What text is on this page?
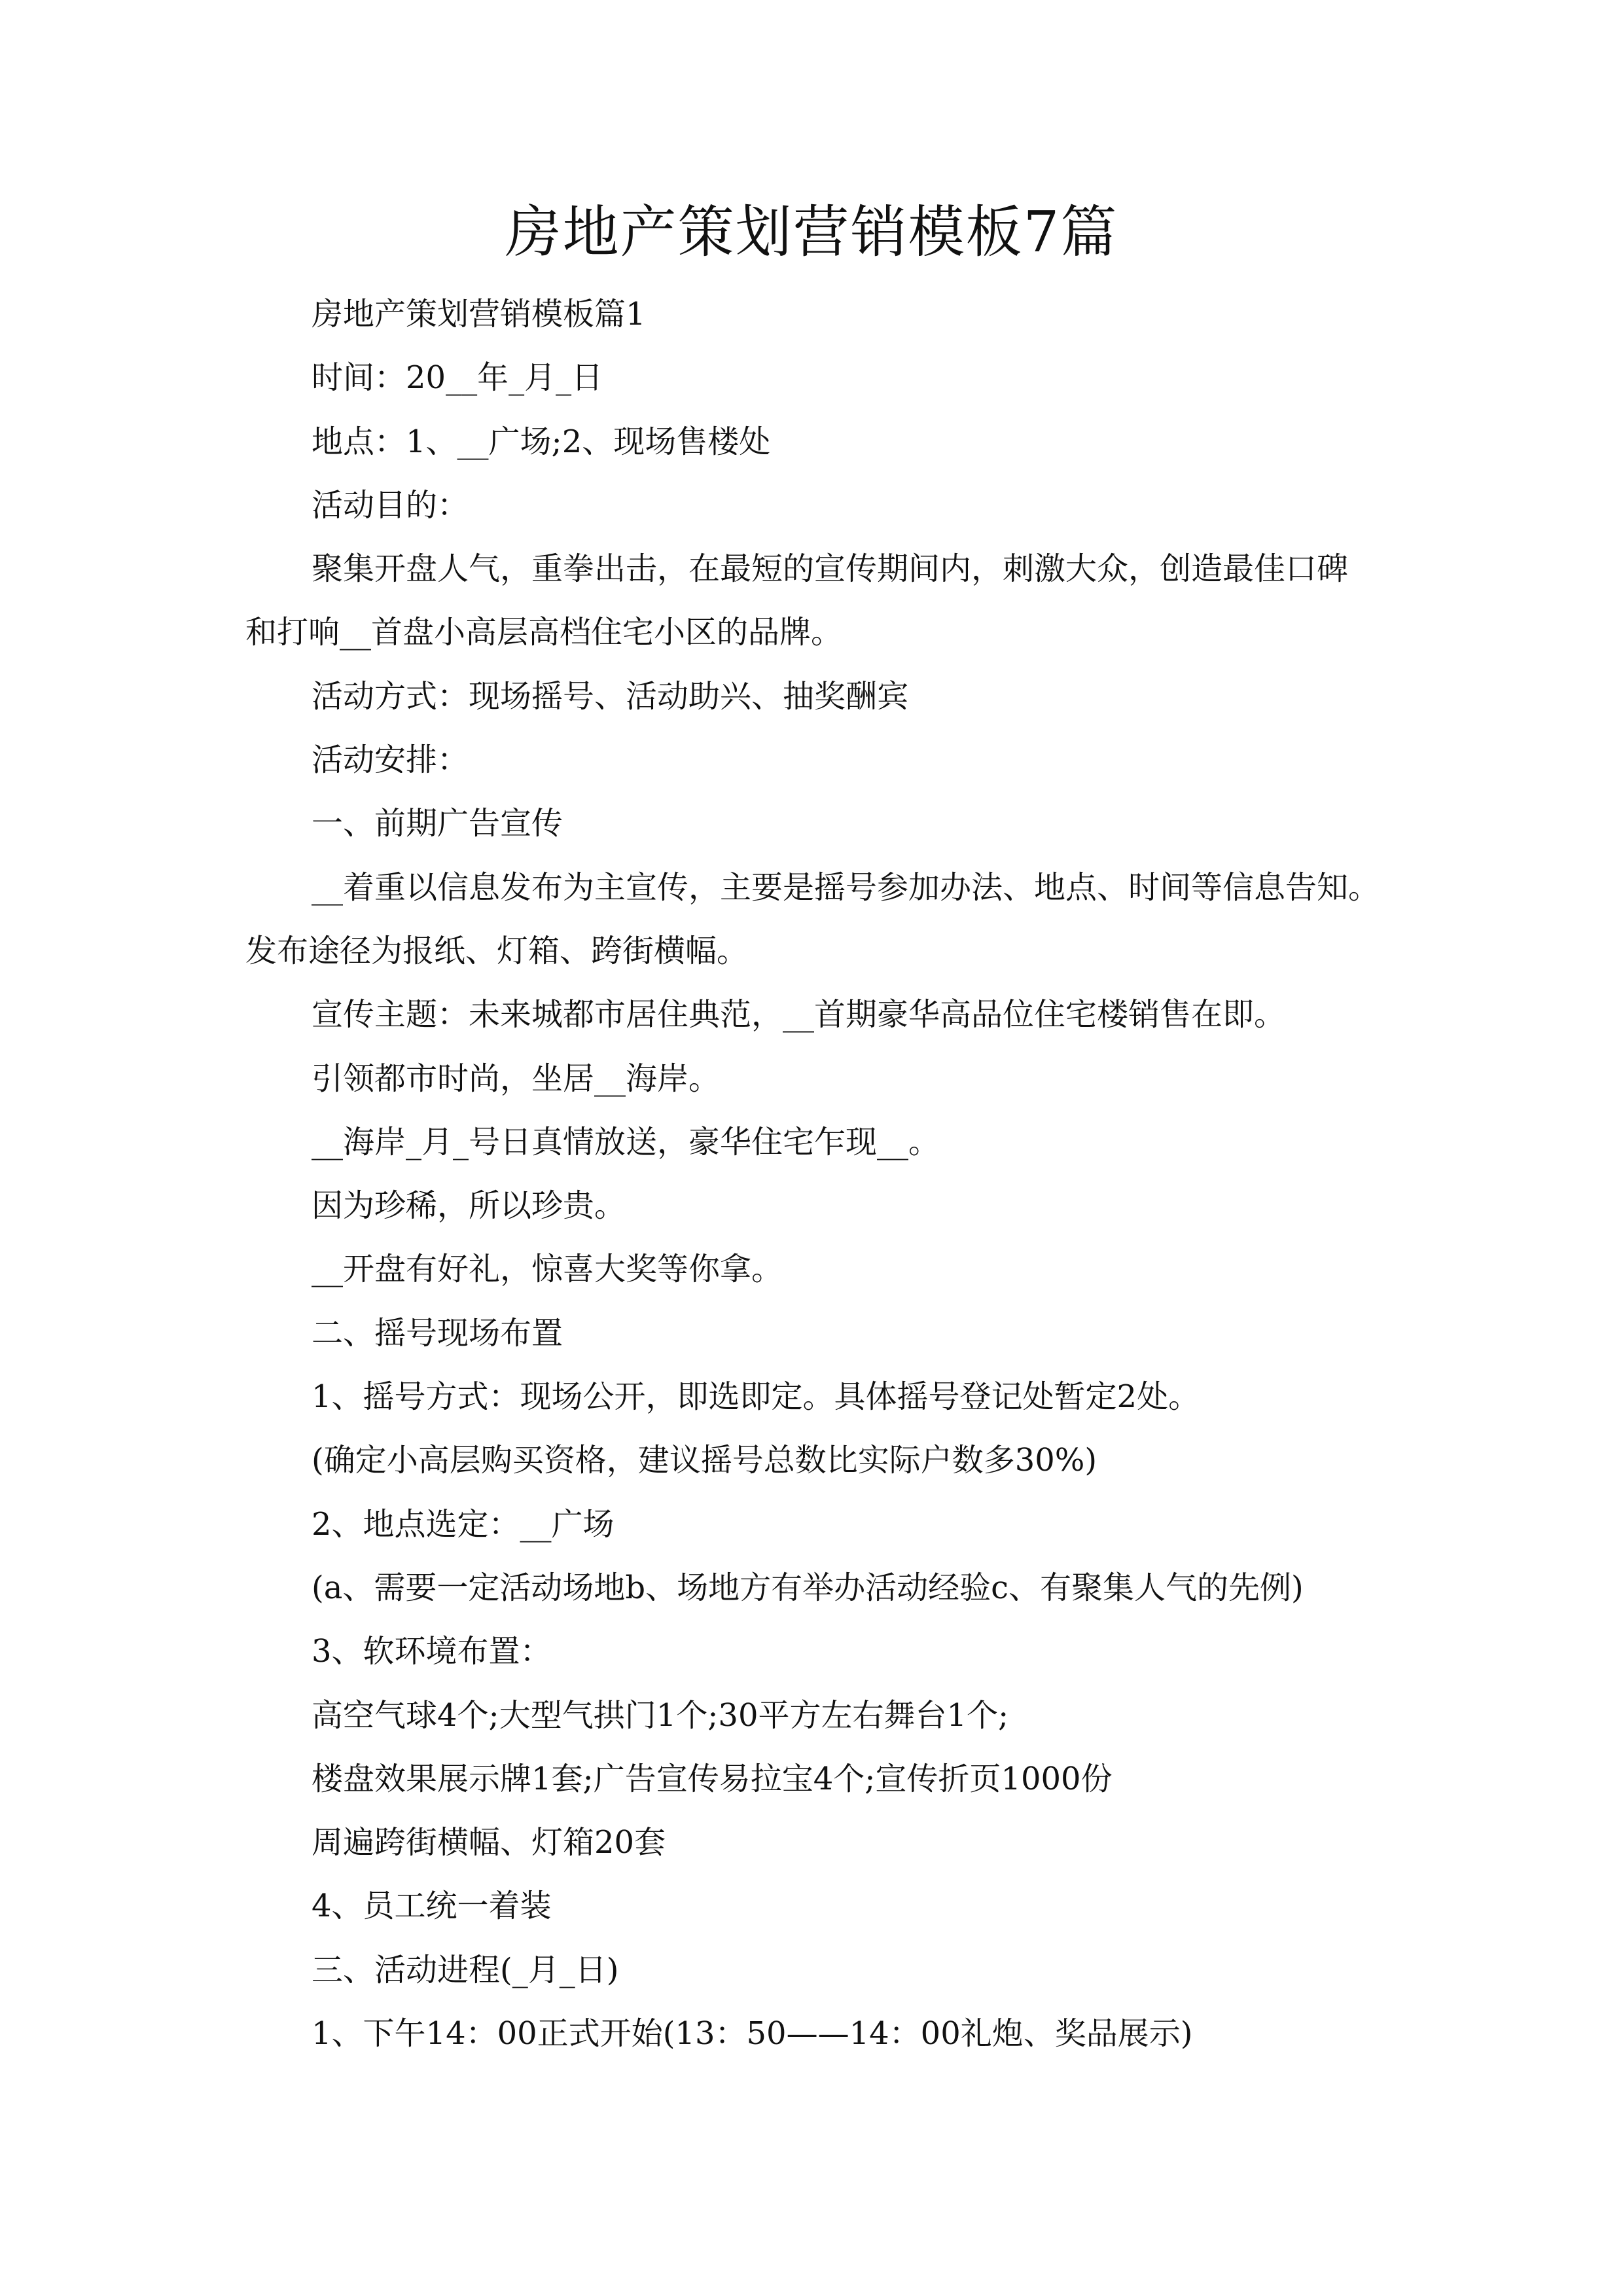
房地产策划营销模板7篇
房地产策划营销模板篇1
时间：20__年_月_日
地点：1、__广场;2、现场售楼处
活动目的：
聚集开盘人气，重拳出击，在最短的宣传期间内，刺激大众，创造最佳口碑
和打响__首盘小高层高档住宅小区的品牌。
活动方式：现场摇号、活动助兴、抽奖酬宾
活动安排：
一、前期广告宣传
__着重以信息发布为主宣传，主要是摇号参加办法、地点、时间等信息告知。
发布途径为报纸、灯箱、跨街横幅。
宣传主题：未来城都市居住典范，__首期豪华高品位住宅楼销售在即。
引领都市时尚，坐居__海岸。
__海岸_月_号日真情放送，豪华住宅乍现__。
因为珍稀，所以珍贵。
__开盘有好礼，惊喜大奖等你拿。
二、摇号现场布置
1、摇号方式：现场公开，即选即定。具体摇号登记处暂定2处。
(确定小高层购买资格，建议摇号总数比实际户数多30%)
2、地点选定：__广场
(a、需要一定活动场地b、场地方有举办活动经验c、有聚集人气的先例)
3、软环境布置：
高空气球4个;大型气拱门1个;30平方左右舞台1个;
楼盘效果展示牌1套;广告宣传易拉宝4个;宣传折页1000份
周遍跨街横幅、灯箱20套
4、员工统一着装
三、活动进程(_月_日)
1、下午14：00正式开始(13：50——14：00礼炮、奖品展示)
